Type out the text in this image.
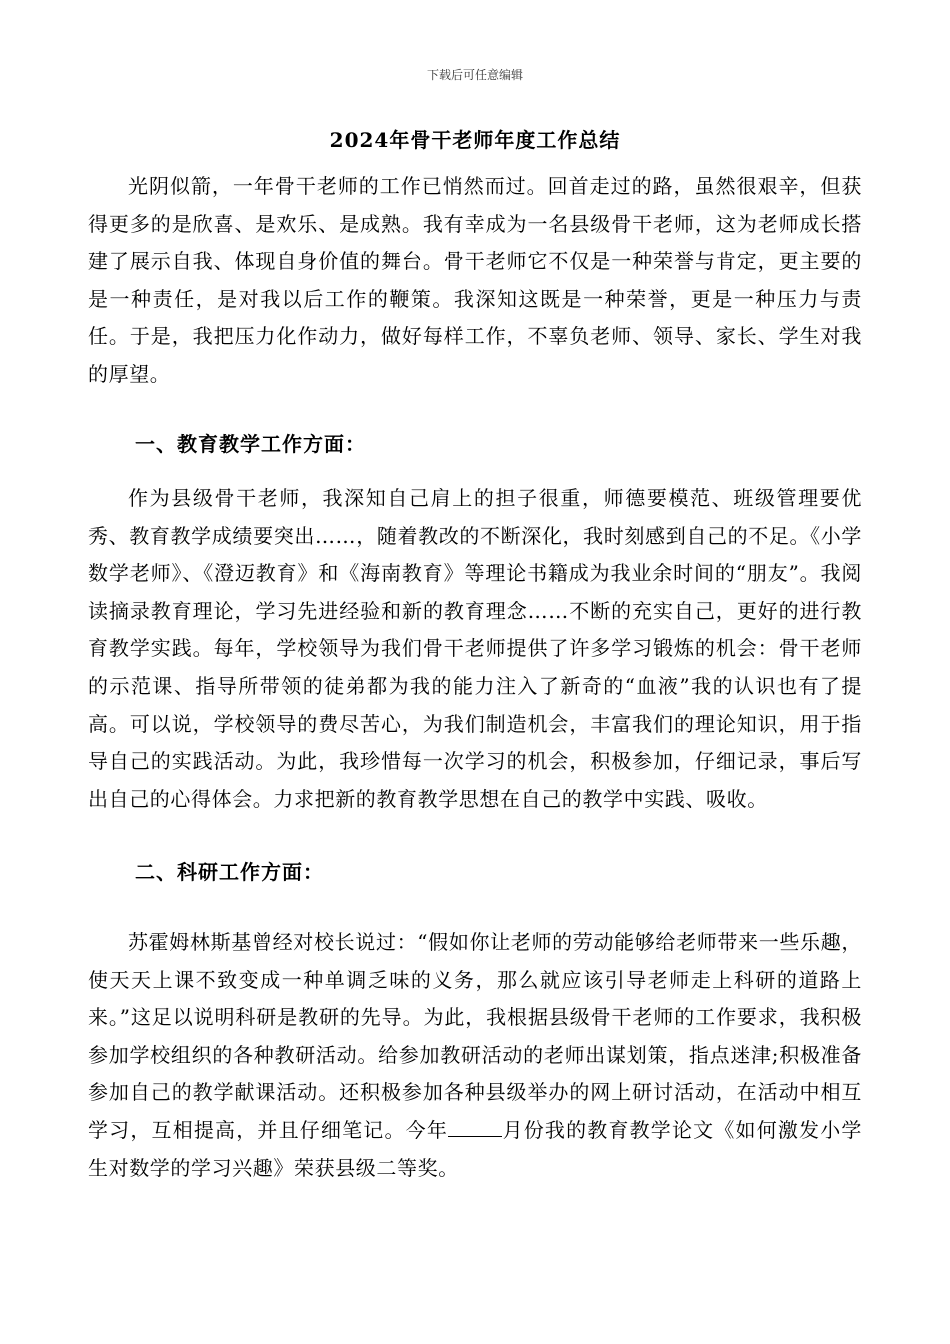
下载后可任意编辑
2024年骨干老师年度工作总结

光阴似箭，一年骨干老师的工作已悄然而过。回首走过的路，虽然很艰辛，但获得更多的是欣喜、是欢乐、是成熟。我有幸成为一名县级骨干老师，这为老师成长搭建了展示自我、体现自身价值的舞台。骨干老师它不仅是一种荣誉与肯定，更主要的是一种责任，是对我以后工作的鞭策。我深知这既是一种荣誉，更是一种压力与责任。于是，我把压力化作动力，做好每样工作，不辜负老师、领导、家长、学生对我的厚望。

一、教育教学工作方面：

作为县级骨干老师，我深知自己肩上的担子很重，师德要模范、班级管理要优秀、教育教学成绩要突出……，随着教改的不断深化，我时刻感到自己的不足。《小学数学老师》、《澄迈教育》和《海南教育》等理论书籍成为我业余时间的“朋友”。我阅读摘录教育理论，学习先进经验和新的教育理念……不断的充实自己，更好的进行教育教学实践。每年，学校领导为我们骨干老师提供了许多学习锻炼的机会：骨干老师的示范课、指导所带领的徒弟都为我的能力注入了新奇的“血液”我的认识也有了提高。可以说，学校领导的费尽苦心，为我们制造机会，丰富我们的理论知识，用于指导自己的实践活动。为此，我珍惜每一次学习的机会，积极参加，仔细记录，事后写出自己的心得体会。力求把新的教育教学思想在自己的教学中实践、吸收。

二、科研工作方面：

苏霍姆林斯基曾经对校长说过：“假如你让老师的劳动能够给老师带来一些乐趣，使天天上课不致变成一种单调乏味的义务，那么就应该引导老师走上科研的道路上来。”这足以说明科研是教研的先导。为此，我根据县级骨干老师的工作要求，我积极参加学校组织的各种教研活动。给参加教研活动的老师出谋划策，指点迷津;积极准备参加自己的教学献课活动。还积极参加各种县级举办的网上研讨活动，在活动中相互学习，互相提高，并且仔细笔记。今年	月份我的教育教学论文《如何激发小学生对数学的学习兴趣》荣获县级二等奖。
